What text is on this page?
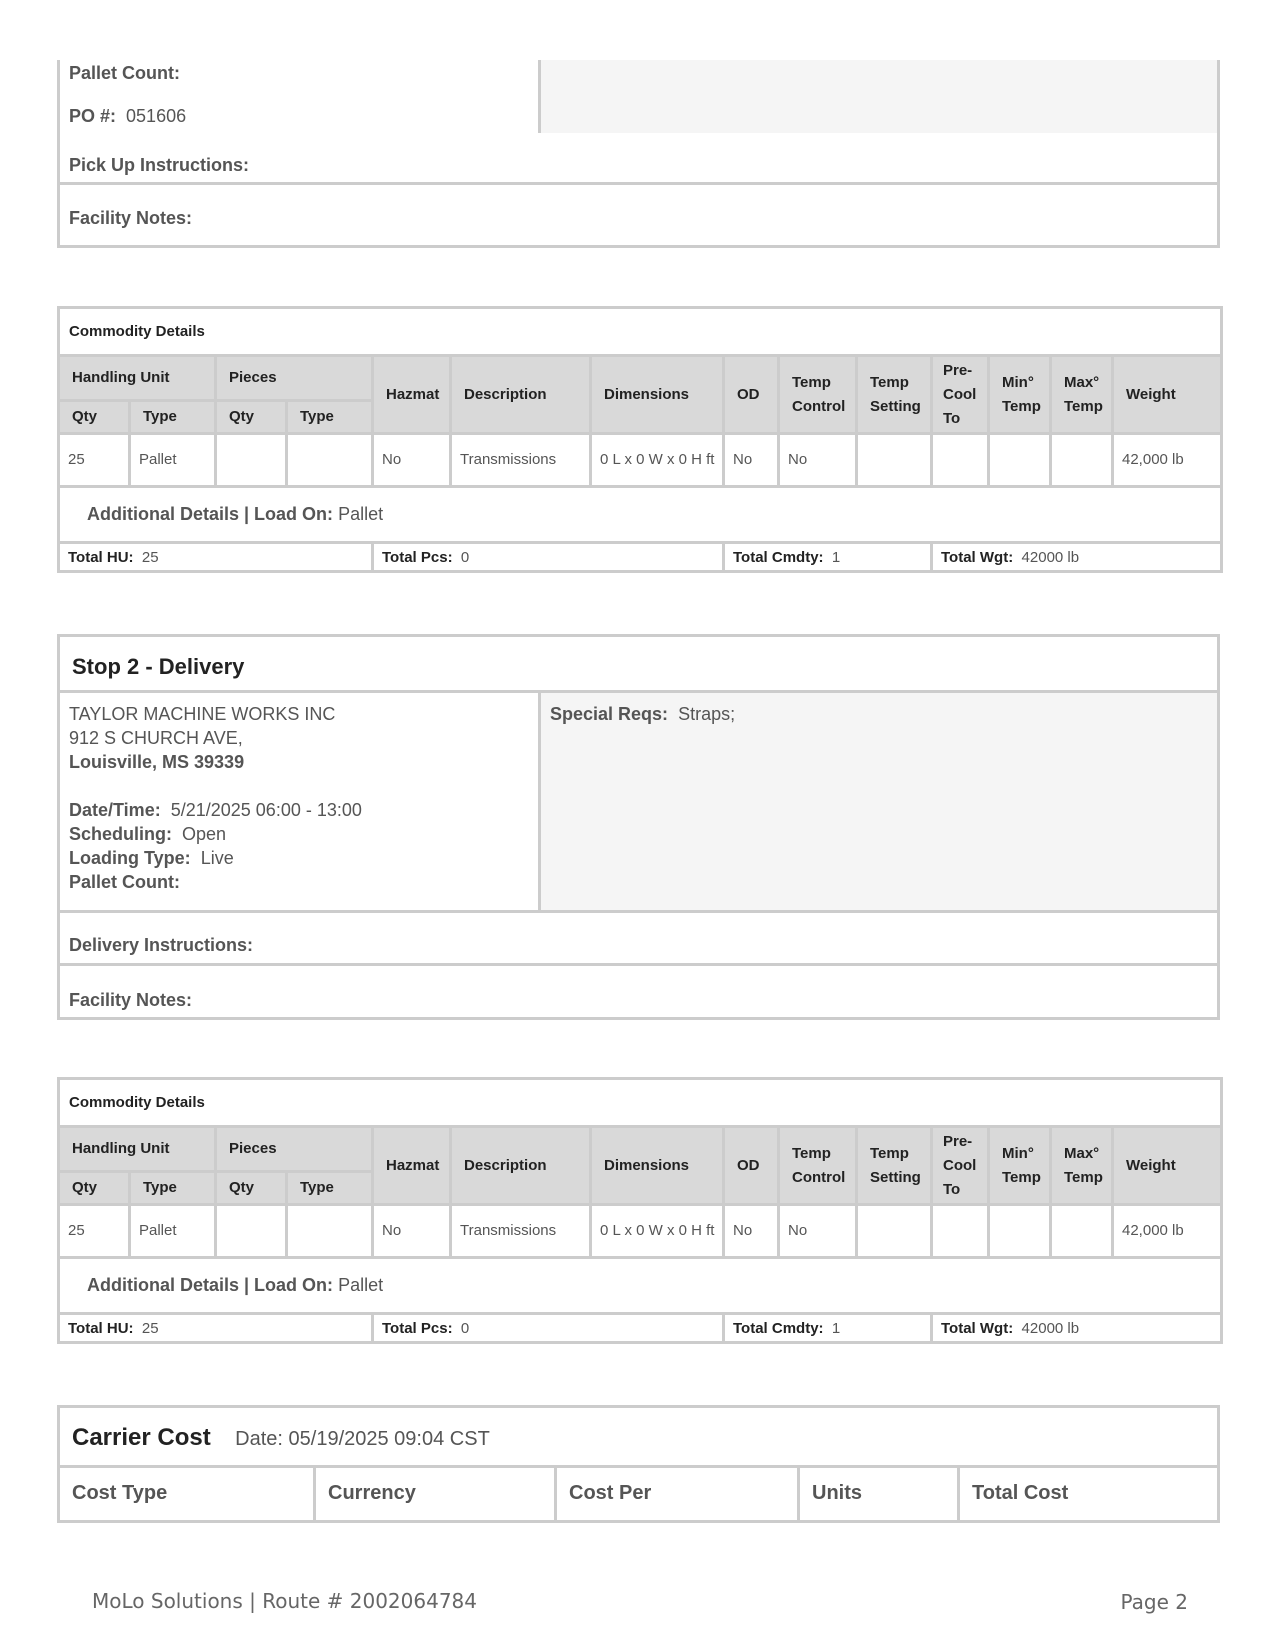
Pallet Count:
PO #: 051606
Pick Up Instructions:
Facility Notes:
Commodity Details													
Handling Unit		Pieces		Hazmat	Description	Dimensions	OD	Temp Control	Temp Setting	Pre-Cool To	Min° Temp	Max° Temp	Weight
Qty	Type	Qty	Type										
25	Pallet			No	Transmissions	0 L x 0 W x 0 H ft	No	No					42,000 lb
Additional Details | Load On: Pallet													
Total HU: 25				Total Pcs: 0			Total Cmdty: 1			Total Wgt: 42000 lb			
Stop 2 - Delivery
TAYLOR MACHINE WORKS INC
912 S CHURCH AVE,
Louisville, MS 39339
Date/Time: 5/21/2025 06:00 - 13:00
Scheduling: Open
Loading Type: Live
Pallet Count:
Special Reqs: Straps;
Delivery Instructions:
Facility Notes:
Commodity Details													
Handling Unit		Pieces		Hazmat	Description	Dimensions	OD	Temp Control	Temp Setting	Pre-Cool To	Min° Temp	Max° Temp	Weight
Qty	Type	Qty	Type										
25	Pallet			No	Transmissions	0 L x 0 W x 0 H ft	No	No					42,000 lb
Additional Details | Load On: Pallet													
Total HU: 25				Total Pcs: 0			Total Cmdty: 1			Total Wgt: 42000 lb			
Carrier Cost Date: 05/19/2025 09:04 CST
Cost Type	Currency	Cost Per	Units	Total Cost
MoLo Solutions | Route # 2002064784	Page 2
